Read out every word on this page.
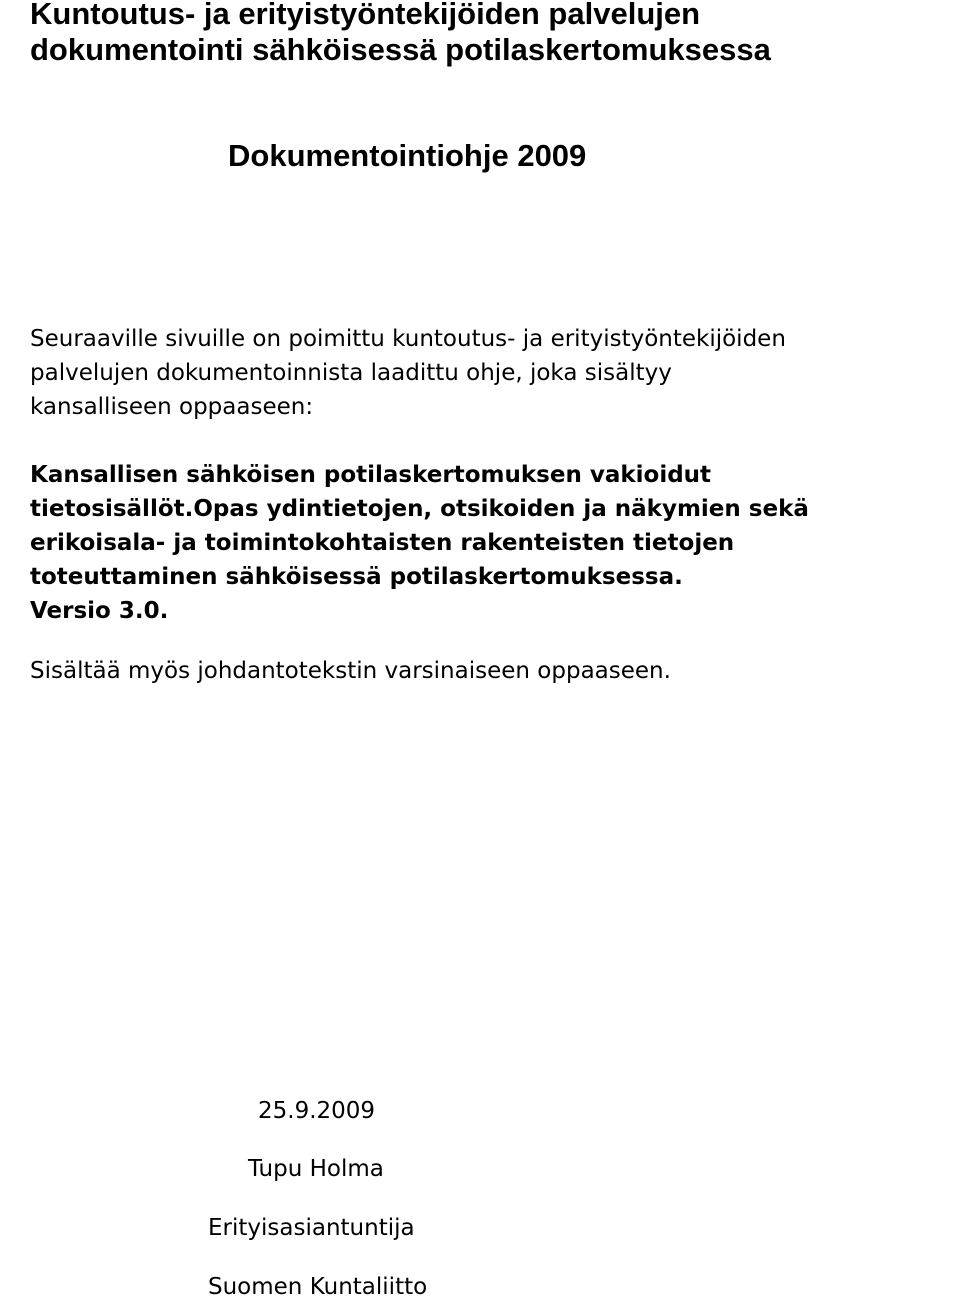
Kuntoutus- ja erityistyöntekijöiden palvelujen
dokumentointi sähköisessä potilaskertomuksessa
Dokumentointiohje 2009

Seuraaville sivuille on poimittu kuntoutus- ja erityistyöntekijöiden
palvelujen dokumentoinnista laadittu ohje, joka sisältyy
kansalliseen oppaaseen:

Kansallisen sähköisen potilaskertomuksen vakioidut
tietosisällöt.Opas ydintietojen, otsikoiden ja näkymien sekä
erikoisala- ja toimintokohtaisten rakenteisten tietojen
toteuttaminen sähköisessä potilaskertomuksessa.
Versio 3.0.

Sisältää myös johdantotekstin varsinaiseen oppaaseen.

25.9.2009

Tupu Holma

Erityisasiantuntija

Suomen Kuntaliitto
